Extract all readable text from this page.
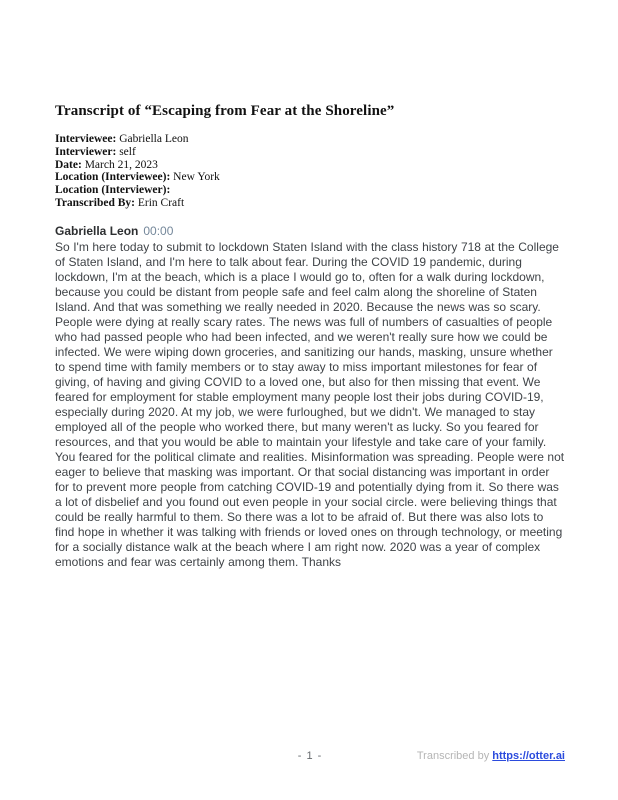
Transcript of “Escaping from Fear at the Shoreline”
Interviewee: Gabriella Leon
Interviewer: self
Date: March 21, 2023
Location (Interviewee): New York
Location (Interviewer):
Transcribed By: Erin Craft
Gabriella Leon 00:00

So I'm here today to submit to lockdown Staten Island with the class history 718 at the College of Staten Island, and I'm here to talk about fear. During the COVID 19 pandemic, during lockdown, I'm at the beach, which is a place I would go to, often for a walk during lockdown, because you could be distant from people safe and feel calm along the shoreline of Staten Island. And that was something we really needed in 2020. Because the news was so scary. People were dying at really scary rates. The news was full of numbers of casualties of people who had passed people who had been infected, and we weren't really sure how we could be infected. We were wiping down groceries, and sanitizing our hands, masking, unsure whether to spend time with family members or to stay away to miss important milestones for fear of giving, of having and giving COVID to a loved one, but also for then missing that event. We feared for employment for stable employment many people lost their jobs during COVID-19, especially during 2020. At my job, we were furloughed, but we didn't. We managed to stay employed all of the people who worked there, but many weren't as lucky. So you feared for resources, and that you would be able to maintain your lifestyle and take care of your family. You feared for the political climate and realities. Misinformation was spreading. People were not eager to believe that masking was important. Or that social distancing was important in order for to prevent more people from catching COVID-19 and potentially dying from it. So there was a lot of disbelief and you found out even people in your social circle. were believing things that could be really harmful to them. So there was a lot to be afraid of. But there was also lots to find hope in whether it was talking with friends or loved ones on through technology, or meeting for a socially distance walk at the beach where I am right now. 2020 was a year of complex emotions and fear was certainly among them. Thanks

- 1 -	Transcribed by https://otter.ai
